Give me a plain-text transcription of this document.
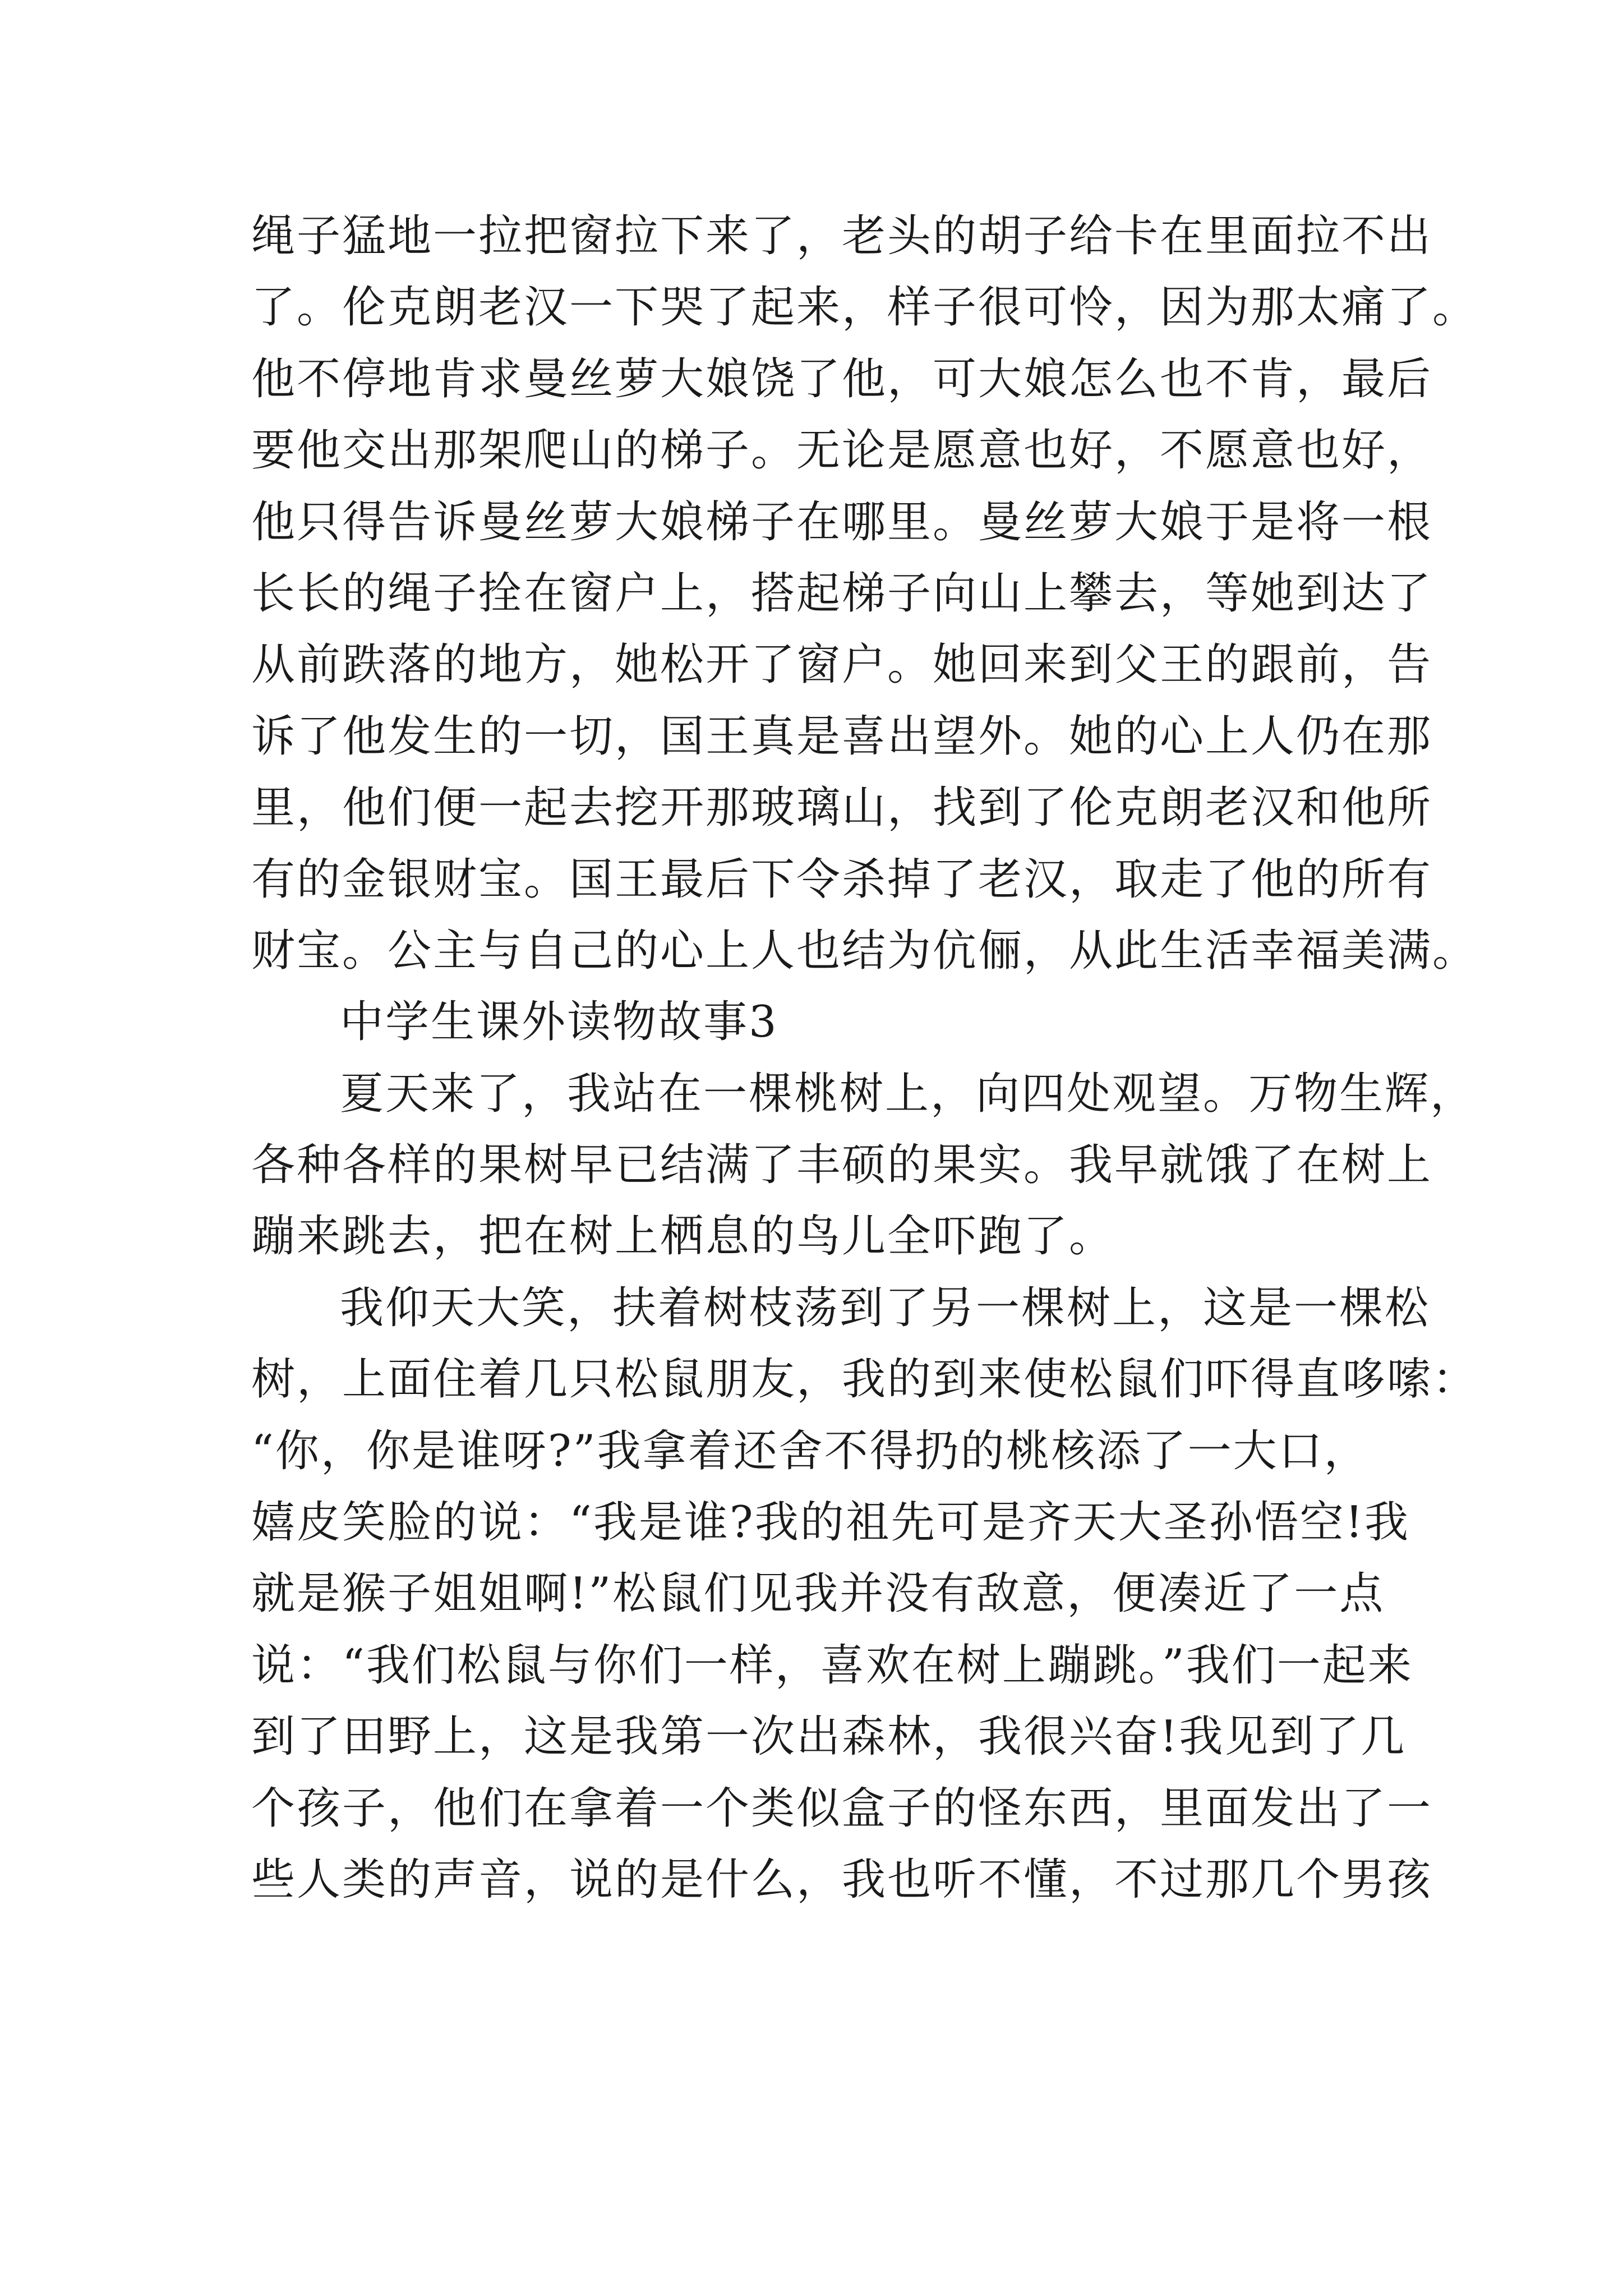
绳子猛地一拉把窗拉下来了，老头的胡子给卡在里面拉不出
了。伦克朗老汉一下哭了起来，样子很可怜，因为那太痛了。
他不停地肯求曼丝萝大娘饶了他，可大娘怎么也不肯，最后
要他交出那架爬山的梯子。无论是愿意也好，不愿意也好，
他只得告诉曼丝萝大娘梯子在哪里。曼丝萝大娘于是将一根
长长的绳子拴在窗户上，搭起梯子向山上攀去，等她到达了
从前跌落的地方，她松开了窗户。她回来到父王的跟前，告
诉了他发生的一切，国王真是喜出望外。她的心上人仍在那
里，他们便一起去挖开那玻璃山，找到了伦克朗老汉和他所
有的金银财宝。国王最后下令杀掉了老汉，取走了他的所有
财宝。公主与自己的心上人也结为伉俪，从此生活幸福美满。
中学生课外读物故事3
夏天来了，我站在一棵桃树上，向四处观望。万物生辉，
各种各样的果树早已结满了丰硕的果实。我早就饿了在树上
蹦来跳去，把在树上栖息的鸟儿全吓跑了。
我仰天大笑，扶着树枝荡到了另一棵树上，这是一棵松
树，上面住着几只松鼠朋友，我的到来使松鼠们吓得直哆嗦：
“你，你是谁呀?”我拿着还舍不得扔的桃核添了一大口，
嬉皮笑脸的说：“我是谁?我的祖先可是齐天大圣孙悟空!我
就是猴子姐姐啊!”松鼠们见我并没有敌意，便凑近了一点
说：“我们松鼠与你们一样，喜欢在树上蹦跳。”我们一起来
到了田野上，这是我第一次出森林，我很兴奋!我见到了几
个孩子，他们在拿着一个类似盒子的怪东西，里面发出了一
些人类的声音，说的是什么，我也听不懂，不过那几个男孩
